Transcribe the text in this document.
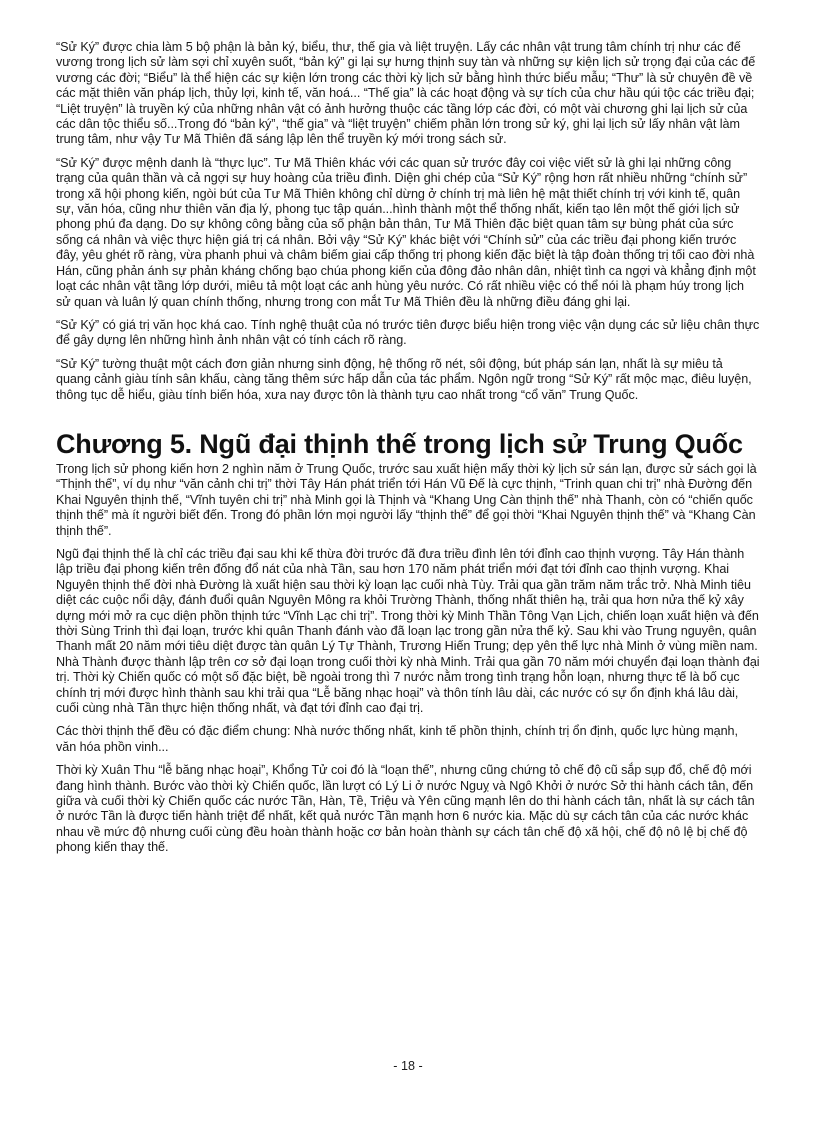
“Sử Ký” được chia làm 5 bộ phận là bản ký, biểu, thư, thế gia và liệt truyện. Lấy các nhân vật trung tâm chính trị như các đế vương trong lịch sử làm sợi chỉ xuyên suốt, “bản ký” gi lại sự hưng thịnh suy tàn và những sự kiện lịch sử trọng đại của các đế vương các đời; “Biểu” là thể hiện các sự kiện lớn trong các thời kỳ lịch sử bằng hình thức biểu mẫu; “Thư” là sử chuyên đề về các mặt thiên văn pháp lịch, thủy lợi, kinh tế, văn hoá... “Thế gia” là các hoạt động và sự tích của chư hầu qúi tộc các triều đại; “Liệt truyện” là truyền ký của những nhân vật có ảnh hưởng thuộc các tầng lớp các đời, có một vài chương ghi lại lịch sử của các dân tộc thiểu số...Trong đó “bản ký”, “thế gia” và “liệt truyện” chiếm phần lớn trong sử ký, ghi lại lịch sử lấy nhân vật làm trung tâm, như vậy Tư Mã Thiên đã sáng lập lên thể truyền ký mới trong sách sử.

“Sử Ký” được mệnh danh là “thực lục”. Tư Mã Thiên khác với các quan sử trước đây coi việc viết sử là ghi lại những công trạng của quân thần và cả ngợi sự huy hoàng của triều đình. Diện ghi chép của “Sử Ký” rộng hơn rất nhiều những “chính sử” trong xã hội phong kiến, ngòi bút của Tư Mã Thiên không chỉ dừng ở chính trị mà liên hệ mật thiết chính trị với kinh tế, quân sự, văn hóa, cũng như thiên văn địa lý, phong tục tập quán...hình thành một thể thống nhất, kiến tạo lên một thế giới lịch sử phong phú đa dạng. Do sự không công bằng của số phận bản thân, Tư Mã Thiên đặc biệt quan tâm sự bùng phát của sức sống cá nhân và việc thực hiện giá trị cá nhân. Bởi vậy “Sử Ký” khác biệt với “Chính sử” của các triều đại phong kiến trước đây, yêu ghét rõ ràng, vừa phanh phui và châm biếm giai cấp thống trị phong kiến đặc biệt là tập đoàn thống trị tối cao đời nhà Hán, cũng phản ánh sự phản kháng chống bạo chúa phong kiến của đông đảo nhân dân, nhiệt tình ca ngợi và khẳng định một loạt các nhân vật tầng lớp dưới, miêu tả một loạt các anh hùng yêu nước. Có rất nhiều việc có thể nói là phạm húy trong lịch sử quan và luân lý quan chính thống, nhưng trong con mắt Tư Mã Thiên đều là những điều đáng ghi lại.

“Sử Ký” có giá trị văn học khá cao. Tính nghệ thuật của nó trước tiên được biểu hiện trong việc vận dụng các sử liệu chân thực để gây dựng lên những hình ảnh nhân vật có tính cách rõ ràng.

“Sử Ký” tường thuật một cách đơn giản nhưng sinh động, hệ thống rõ nét, sôi động, bút pháp sán lạn, nhất là sự miêu tả quang cảnh giàu tính sân khấu, càng tăng thêm sức hấp dẫn của tác phẩm. Ngôn ngữ trong “Sử Ký” rất mộc mạc, điêu luyện, thông tục dễ hiểu, giàu tính biến hóa, xưa nay được tôn là thành tựu cao nhất trong “cổ văn” Trung Quốc.

Chương 5. Ngũ đại thịnh thế trong lịch sử Trung Quốc

Trong lịch sử phong kiến hơn 2 nghìn năm ở Trung Quốc, trước sau xuất hiện mấy thời kỳ lịch sử sán lạn, được sử sách gọi là “Thịnh thế”, ví dụ như “văn cảnh chi trị” thời Tây Hán phát triển tới Hán Vũ Đế là cực thịnh, “Trinh quan chi trị” nhà Đường đến Khai Nguyên thịnh thế, “Vĩnh tuyên chi trị” nhà Minh gọi là Thịnh và “Khang Ung Càn thịnh thế” nhà Thanh, còn có “chiến quốc thịnh thế” mà ít người biết đến. Trong đó phần lớn mọi người lấy “thịnh thế” để gọi thời “Khai Nguyên thịnh thế” và “Khang Càn thịnh thế”.

Ngũ đại thịnh thế là chỉ các triều đại sau khi kế thừa đời trước đã đưa triều đình lên tới đỉnh cao thịnh vượng. Tây Hán thành lập triều đại phong kiến trên đống đổ nát của nhà Tần, sau hơn 170 năm phát triển mới đạt tới đỉnh cao thịnh vượng. Khai Nguyên thịnh thế đời nhà Đường là xuất hiện sau thời kỳ loạn lạc cuối nhà Tùy. Trải qua gần trăm năm trắc trở. Nhà Minh tiêu diệt các cuộc nổi dậy, đánh đuổi quân Nguyên Mông ra khỏi Trường Thành, thống nhất thiên hạ, trải qua hơn nửa thế kỷ xây dựng mới mở ra cục diện phồn thịnh tức “Vĩnh Lạc chi trị”. Trong thời kỳ Minh Thần Tông Vạn Lịch, chiến loạn xuất hiện và đến thời Sùng Trinh thì đại loạn, trước khi quân Thanh đánh vào đã loạn lạc trong gần nửa thế kỷ. Sau khi vào Trung nguyên, quân Thanh mất 20 năm mới tiêu diệt được tàn quân Lý Tự Thành, Trương Hiến Trung; dẹp yên thế lực nhà Minh ở vùng miền nam. Nhà Thành được thành lập trên cơ sở đại loạn trong cuối thời kỳ nhà Minh. Trải qua gần 70 năm mới chuyển đại loạn thành đại trị. Thời kỳ Chiến quốc có một số đặc biệt, bề ngoài trong thì 7 nước nằm trong tình trạng hỗn loạn, nhưng thực tế là bố cục chính trị mới được hình thành sau khi trải qua “Lễ băng nhạc hoại” và thôn tính lâu dài, các nước có sự ổn định khá lâu dài, cuối cùng nhà Tần thực hiện thống nhất, và đạt tới đỉnh cao đại trị.

Các thời thịnh thế đều có đặc điểm chung: Nhà nước thống nhất, kinh tế phồn thịnh, chính trị ổn định, quốc lực hùng mạnh, văn hóa phồn vinh...

Thời kỳ Xuân Thu “lễ băng nhạc hoại”, Khổng Tử coi đó là “loạn thế”, nhưng cũng chứng tỏ chế độ cũ sắp sụp đổ, chế độ mới đang hình thành. Bước vào thời kỳ Chiến quốc, lần lượt có Lý Li ở nước Nguỵ và Ngô Khởi ở nước Sở thi hành cách tân, đến giữa và cuối thời kỳ Chiến quốc các nước Tần, Hàn, Tề, Triệu và Yên cũng mạnh lên do thi hành cách tân, nhất là sự cách tân ở nước Tần là được tiến hành triệt để nhất, kết quả nước Tần mạnh hơn 6 nước kia. Mặc dù sự cách tân của các nước khác nhau về mức độ nhưng cuối cùng đều hoàn thành hoặc cơ bản hoàn thành sự cách tân chế độ xã hội, chế độ nô lệ bị chế độ phong kiến thay thế.

- 18 -
